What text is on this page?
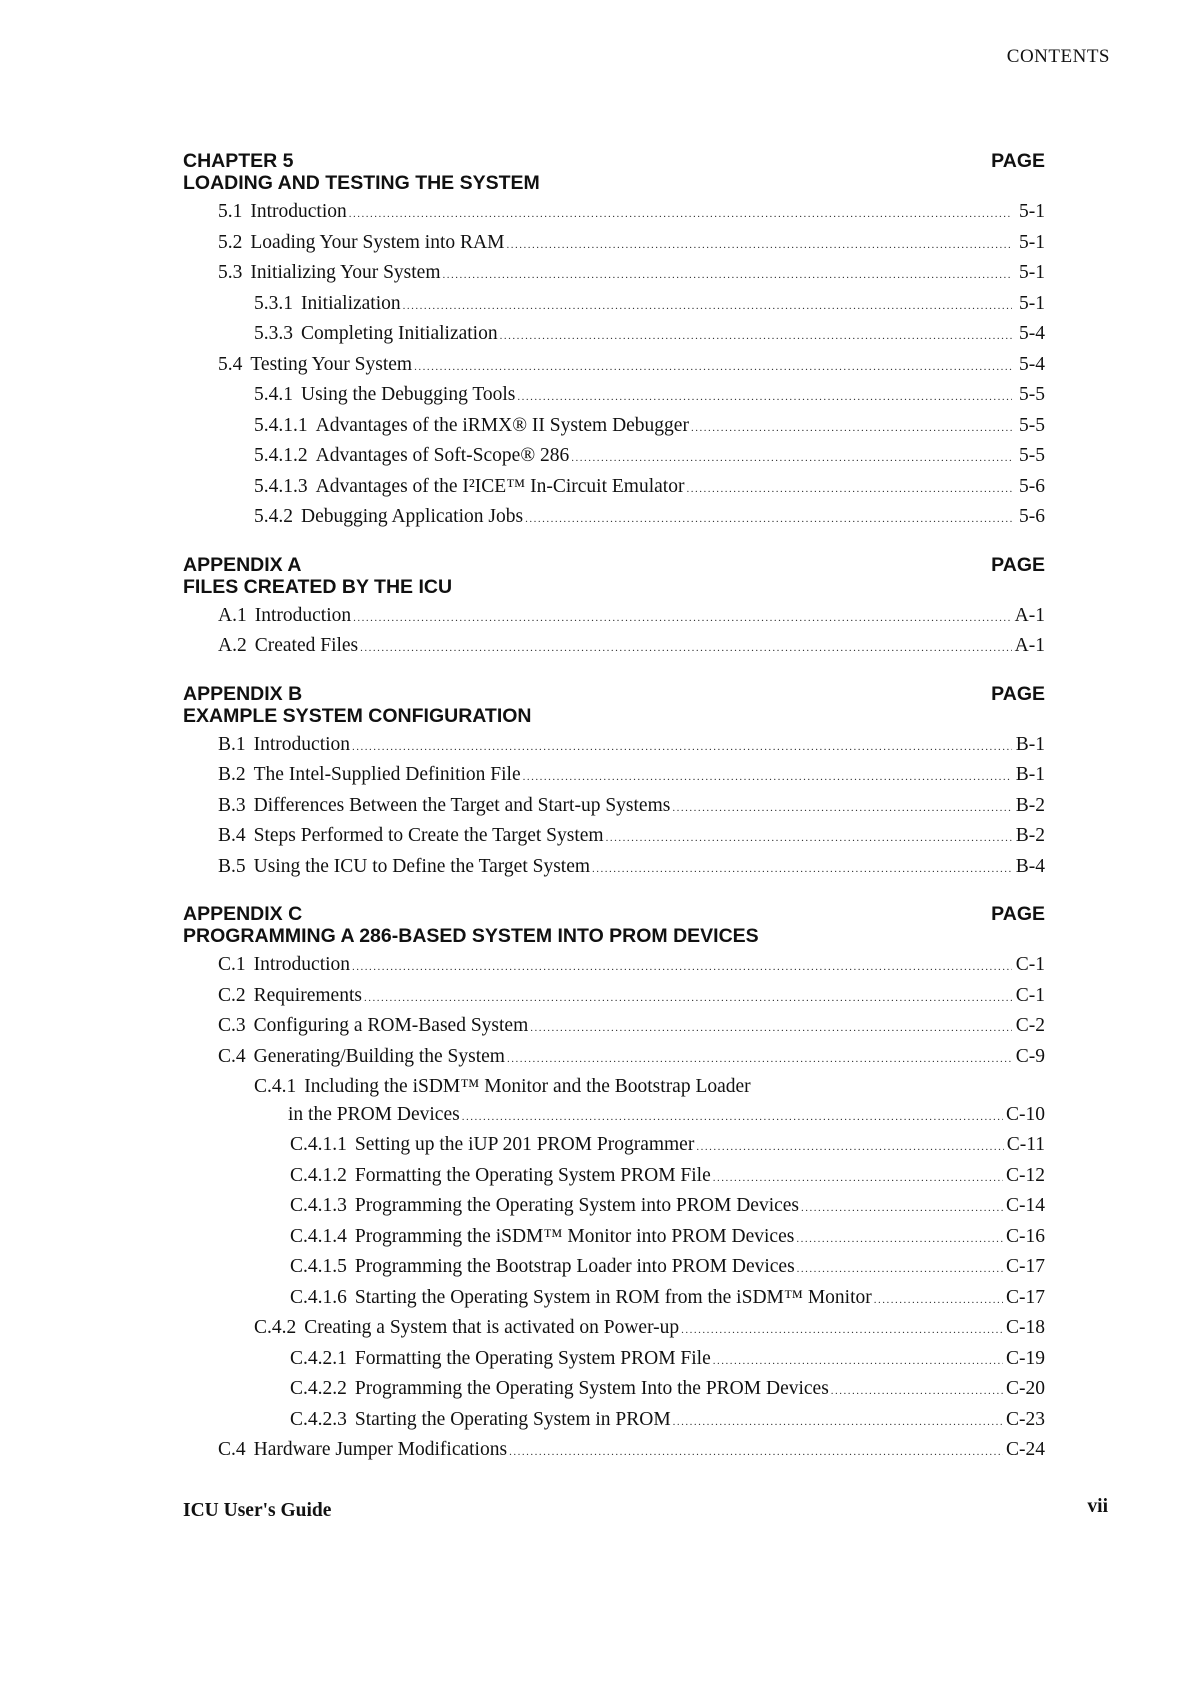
CONTENTS
CHAPTER 5	PAGE
LOADING AND TESTING THE SYSTEM
5.1 Introduction .....	5-1
5.2 Loading Your System into RAM .....	5-1
5.3 Initializing Your System .....	5-1
5.3.1 Initialization .....	5-1
5.3.3 Completing Initialization .....	5-4
5.4 Testing Your System .....	5-4
5.4.1 Using the Debugging Tools .....	5-5
5.4.1.1 Advantages of the iRMX® II System Debugger .....	5-5
5.4.1.2 Advantages of Soft-Scope® 286 .....	5-5
5.4.1.3 Advantages of the I²ICE™ In-Circuit Emulator .....	5-6
5.4.2 Debugging Application Jobs .....	5-6
APPENDIX A	PAGE
FILES CREATED BY THE ICU
A.1 Introduction .....	A-1
A.2 Created Files .....	A-1
APPENDIX B	PAGE
EXAMPLE SYSTEM CONFIGURATION
B.1 Introduction .....	B-1
B.2 The Intel-Supplied Definition File .....	B-1
B.3 Differences Between the Target and Start-up Systems .....	B-2
B.4 Steps Performed to Create the Target System .....	B-2
B.5 Using the ICU to Define the Target System .....	B-4
APPENDIX C	PAGE
PROGRAMMING A 286-BASED SYSTEM INTO PROM DEVICES
C.1 Introduction .....	C-1
C.2 Requirements .....	C-1
C.3 Configuring a ROM-Based System .....	C-2
C.4 Generating/Building the System .....	C-9
C.4.1 Including the iSDM™ Monitor and the Bootstrap Loader
in the PROM Devices .....	C-10
C.4.1.1 Setting up the iUP 201 PROM Programmer .....	C-11
C.4.1.2 Formatting the Operating System PROM File .....	C-12
C.4.1.3 Programming the Operating System into PROM Devices .....	C-14
C.4.1.4 Programming the iSDM™ Monitor into PROM Devices .....	C-16
C.4.1.5 Programming the Bootstrap Loader into PROM Devices .....	C-17
C.4.1.6 Starting the Operating System in ROM from the iSDM™ Monitor .....	C-17
C.4.2 Creating a System that is activated on Power-up .....	C-18
C.4.2.1 Formatting the Operating System PROM File .....	C-19
C.4.2.2 Programming the Operating System Into the PROM Devices .....	C-20
C.4.2.3 Starting the Operating System in PROM .....	C-23
C.4 Hardware Jumper Modifications .....	C-24
ICU User's Guide	vii
